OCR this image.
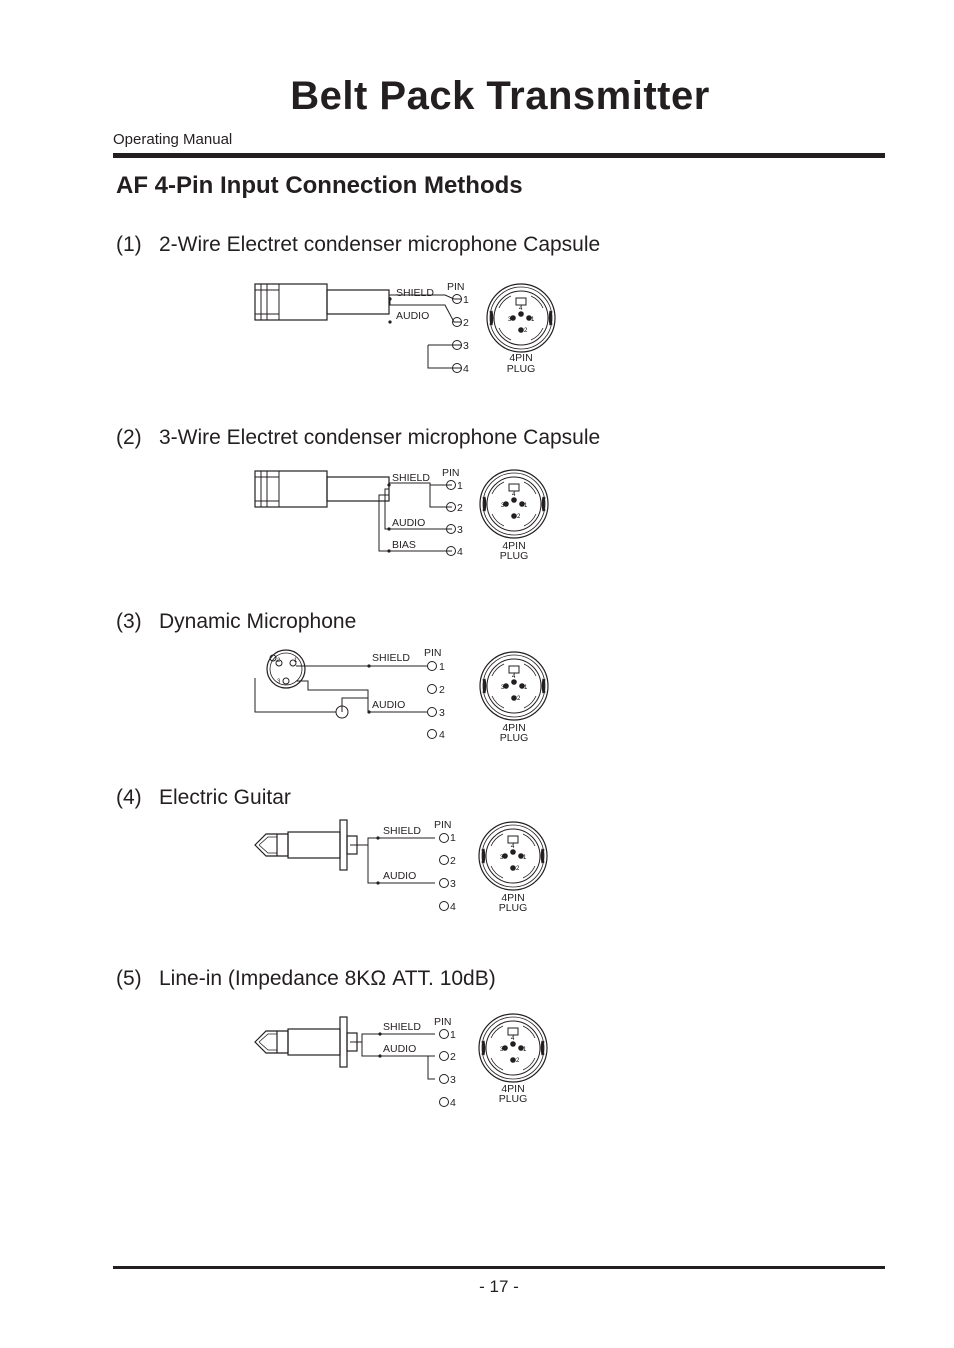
Belt Pack Transmitter
Operating Manual
AF 4-Pin Input Connection Methods
(1) 2-Wire Electret condenser microphone Capsule
SHIELD
AUDIO
PIN
1
2
3
4
4PIN
PLUG
(2) 3-Wire Electret condenser microphone Capsule
SHIELD
AUDIO
BIAS
PIN
1
2
3
4	4PIN
PLUG
(3) Dynamic Microphone
2 1
3
SHIELD
AUDIO
PIN
1
2
3
4
4PIN
PLUG
(4) Electric Guitar
SHIELD
AUDIO
PIN
1
2
3
4
4PIN
PLUG
(5) Line-in (Impedance 8KΩ ATT. 10dB)
SHIELD
AUDIO
PIN
1
2
3
4
4PIN
PLUG
- 17 -
